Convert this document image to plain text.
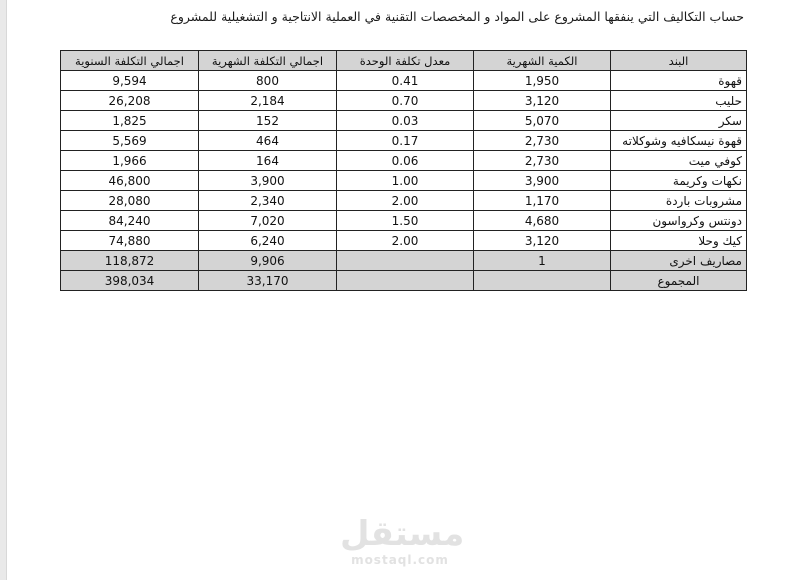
حساب التكاليف التي ينفقها المشروع على المواد و المخصصات التقنية في العملية الانتاجية و التشغيلية للمشروع
البند	الكمية الشهرية	معدل تكلفة الوحدة	اجمالي التكلفة الشهرية	اجمالي التكلفة السنوية
قهوة	1,950	0.41	800	9,594
حليب	3,120	0.70	2,184	26,208
سكر	5,070	0.03	152	1,825
قهوة نيسكافيه وشوكلاته	2,730	0.17	464	5,569
كوفي ميت	2,730	0.06	164	1,966
نكهات وكريمة	3,900	1.00	3,900	46,800
مشروبات باردة	1,170	2.00	2,340	28,080
دونتس وكرواسون	4,680	1.50	7,020	84,240
كيك وحلا	3,120	2.00	6,240	74,880
مصاريف اخرى	1		9,906	118,872
المجموع			33,170	398,034
مستقل
mostaql.com
